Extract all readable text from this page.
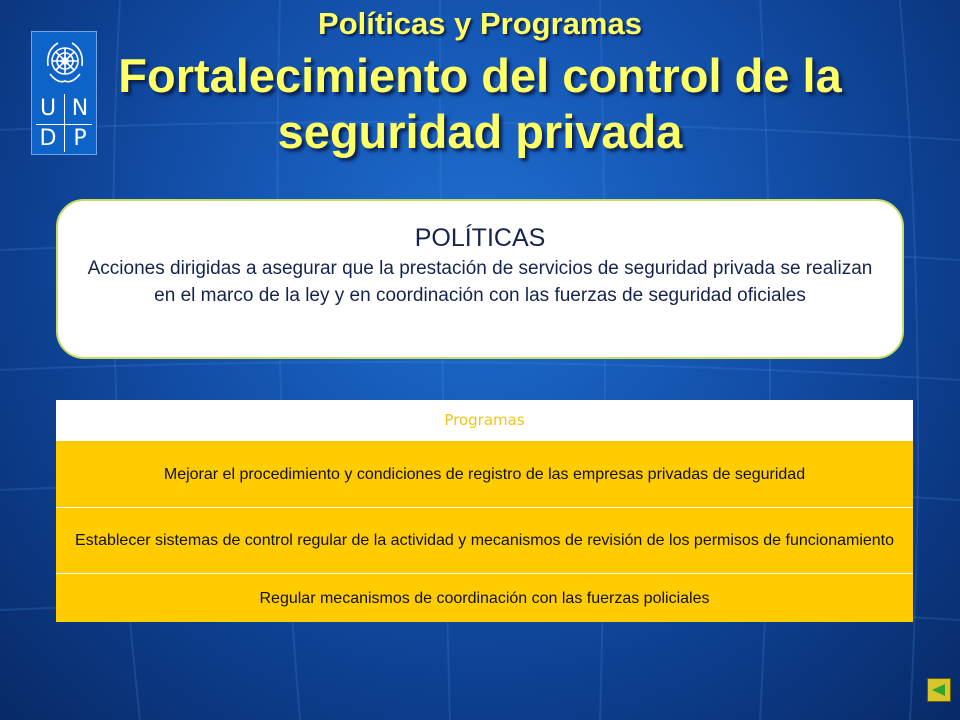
U N
D P
Políticas y Programas
Fortalecimiento del control de la seguridad privada
POLÍTICAS
Acciones dirigidas a asegurar que la prestación de servicios de seguridad privada se realizan en el marco de la ley y en coordinación con las fuerzas de seguridad oficiales
Programas
Mejorar el procedimiento y condiciones de registro de las empresas privadas de seguridad
Establecer sistemas de control regular de la actividad y mecanismos de revisión de los permisos de funcionamiento
Regular mecanismos de coordinación con las fuerzas policiales
